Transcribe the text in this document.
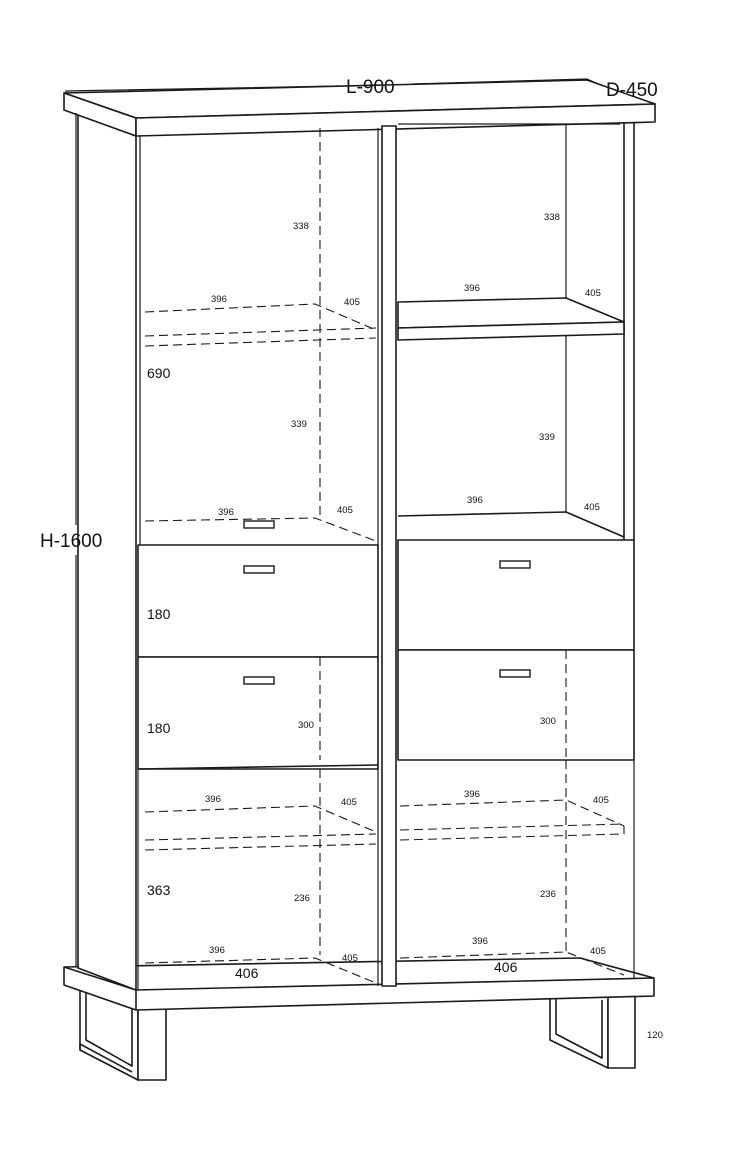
L-900	D-450
H-1600
120
690
180
180
363
406
338
339
300
236
396	405
396	405
396	405
396
405
406
338
339
300
236
396	405
396
405
396
405
396
405
